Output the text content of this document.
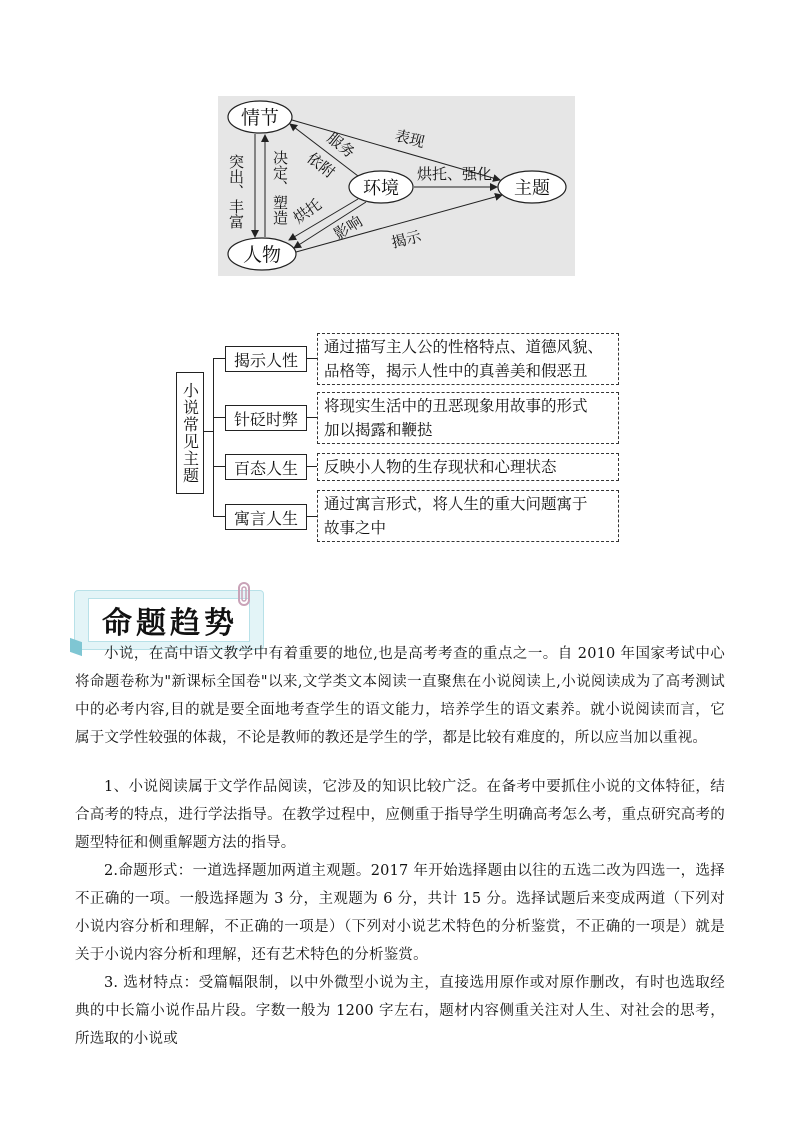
情节
环境	主题
人物
突出、丰富 决定、塑造
服务
依附
表现
烘托、强化
烘托
影响 揭示
小说常见主题
揭示人性
通过描写主人公的性格特点、道德风貌、
品格等，揭示人性中的真善美和假恶丑
针砭时弊
将现实生活中的丑恶现象用故事的形式
加以揭露和鞭挞
百态人生	反映小人物的生存现状和心理状态
寓言人生
通过寓言形式，将人生的重大问题寓于
故事之中
命题趋势
小说，在高中语文教学中有着重要的地位,也是高考考查的重点之一。自 2010 年国家考试中心将命题卷称为"新课标全国卷"以来,文学类文本阅读一直聚焦在小说阅读上,小说阅读成为了高考测试中的必考内容,目的就是要全面地考查学生的语文能力，培养学生的语文素养。就小说阅读而言，它属于文学性较强的体裁，不论是教师的教还是学生的学，都是比较有难度的，所以应当加以重视。
1、小说阅读属于文学作品阅读，它涉及的知识比较广泛。在备考中要抓住小说的文体特征，结合高考的特点，进行学法指导。在教学过程中，应侧重于指导学生明确高考怎么考，重点研究高考的题型特征和侧重解题方法的指导。
2.命题形式：一道选择题加两道主观题。2017 年开始选择题由以往的五选二改为四选一，选择不正确的一项。一般选择题为 3 分，主观题为 6 分，共计 15 分。选择试题后来变成两道（下列对小说内容分析和理解，不正确的一项是）（下列对小说艺术特色的分析鉴赏，不正确的一项是）就是关于小说内容分析和理解，还有艺术特色的分析鉴赏。
3. 选材特点：受篇幅限制，以中外微型小说为主，直接选用原作或对原作删改，有时也选取经典的中长篇小说作品片段。字数一般为 1200 字左右，题材内容侧重关注对人生、对社会的思考，所选取的小说或
